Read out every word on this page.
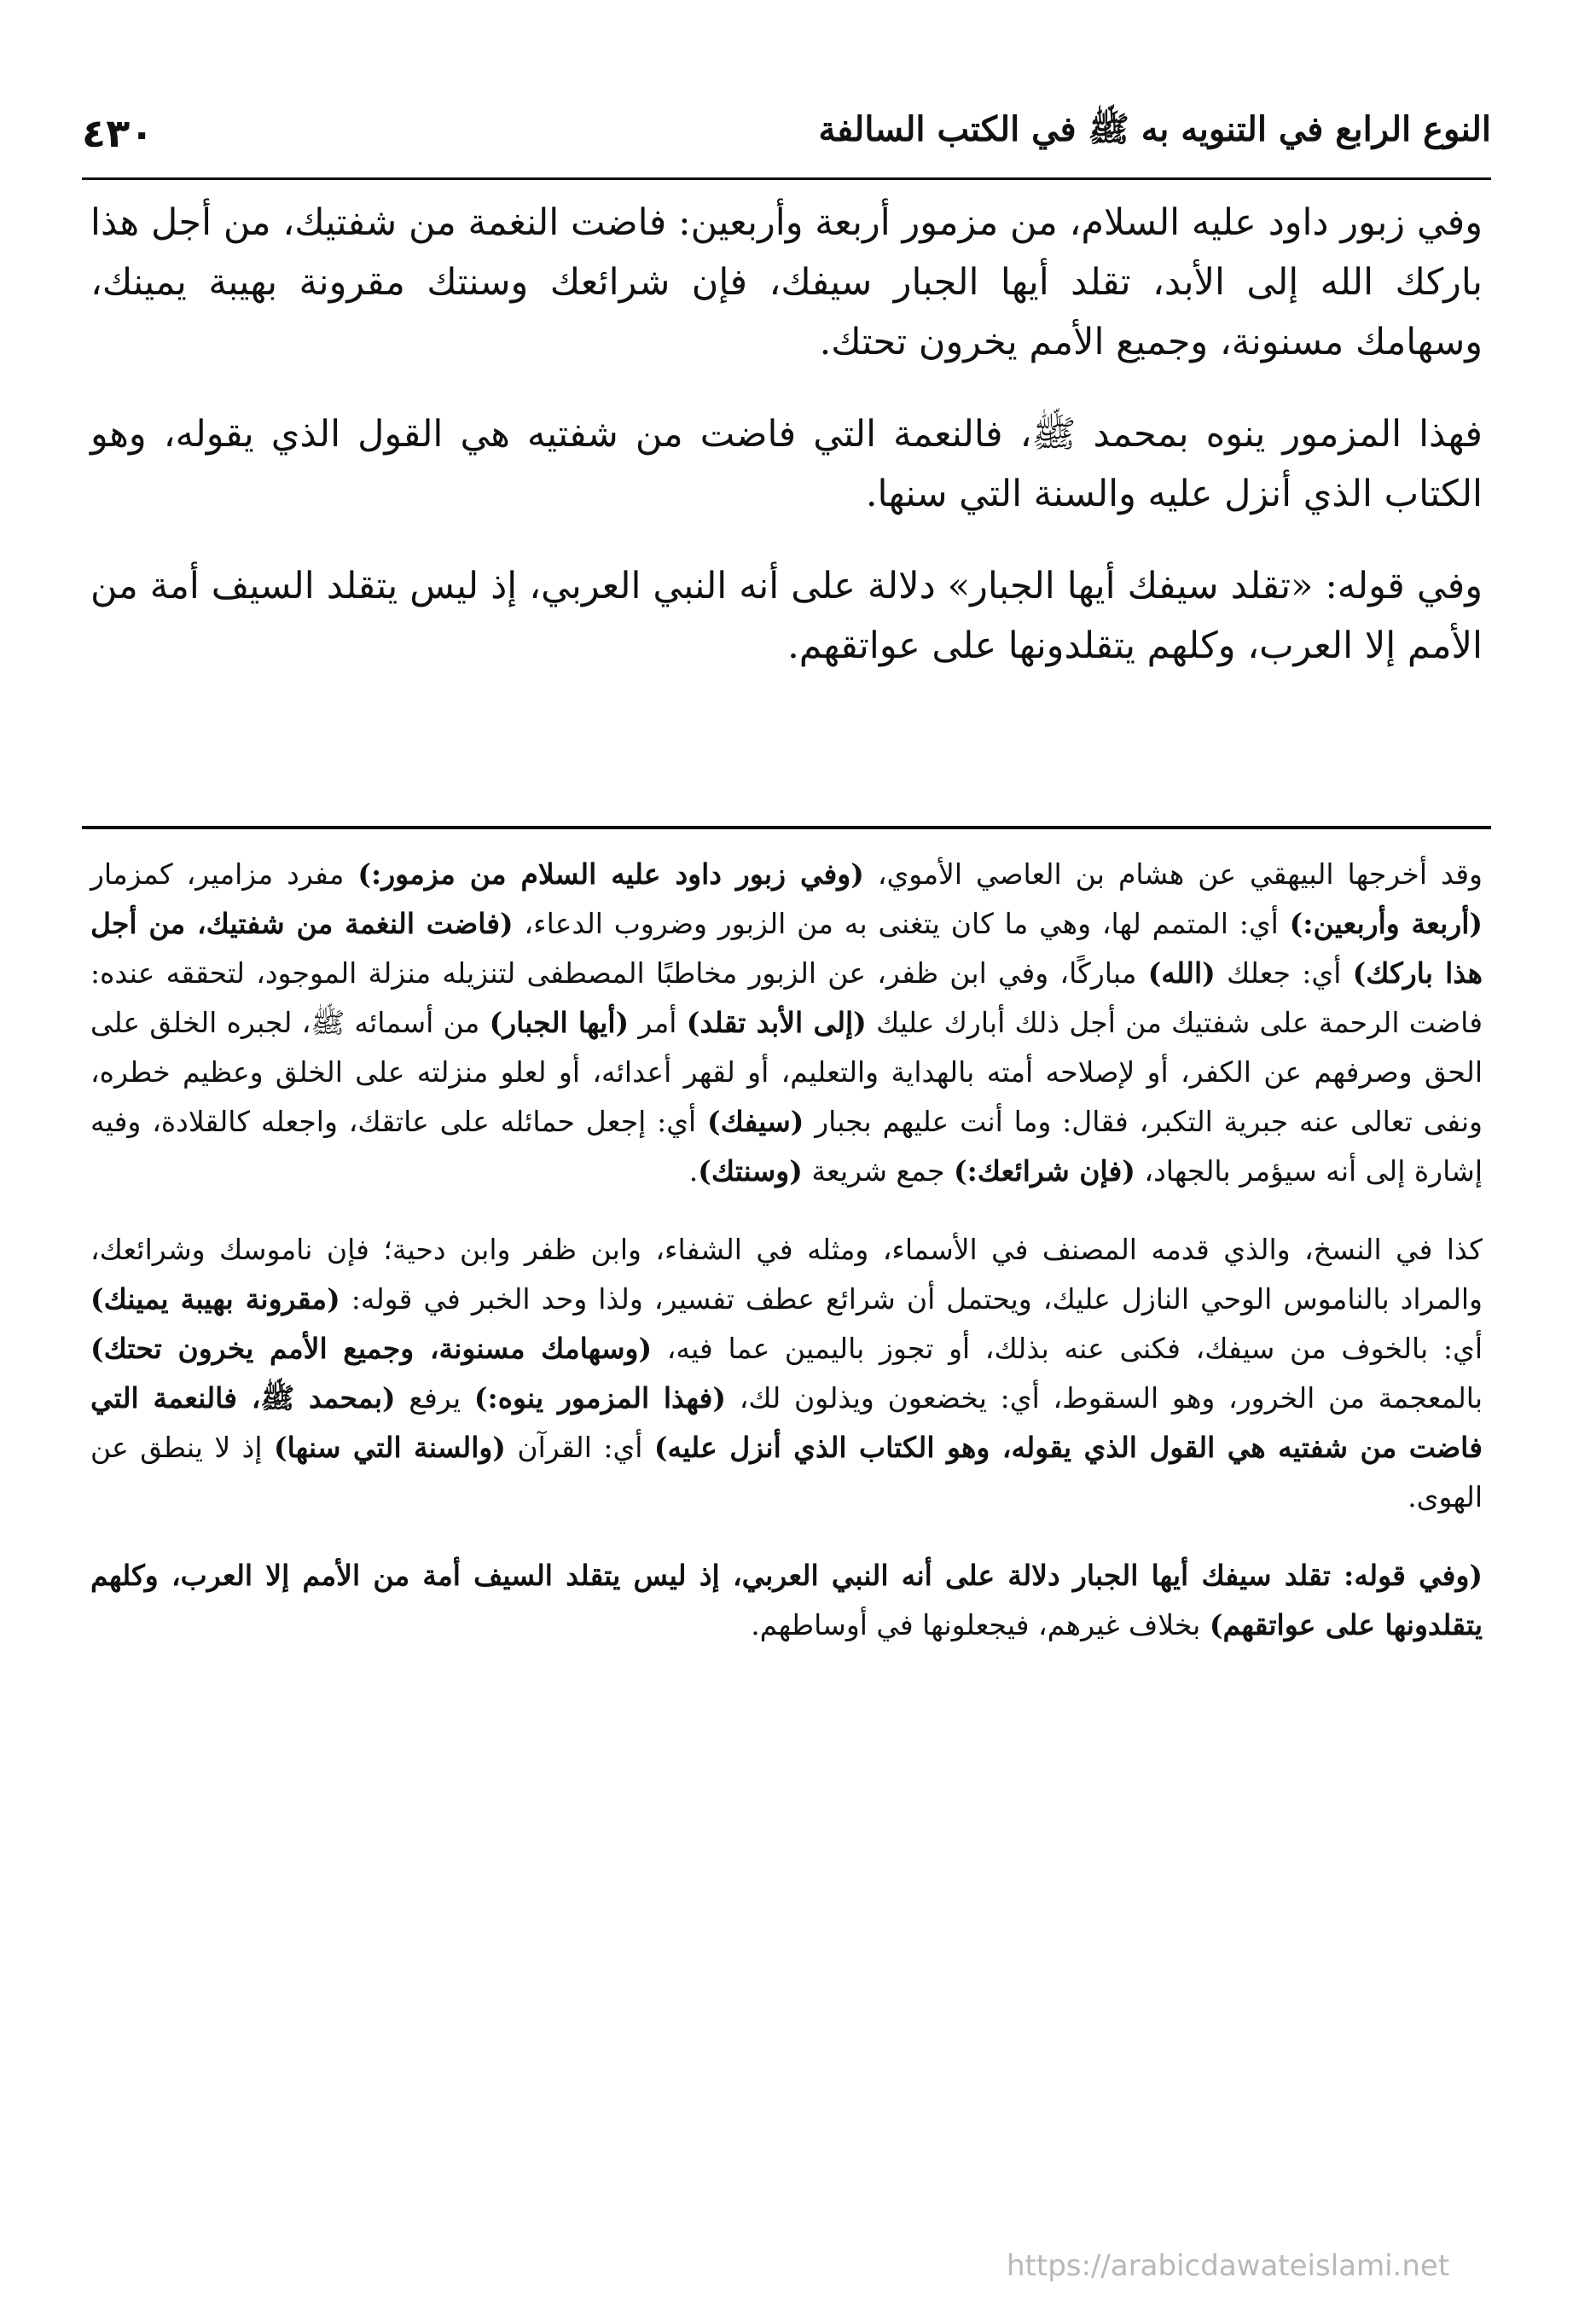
٤٣٠	النوع الرابع في التنويه به ﷺ في الكتب السالفة

وفي زبور داود عليه السلام، من مزمور أربعة وأربعين: فاضت النغمة من شفتيك، من أجل هذا باركك الله إلى الأبد، تقلد أيها الجبار سيفك، فإن شرائعك وسنتك مقرونة بهيبة يمينك، وسهامك مسنونة، وجميع الأمم يخرون تحتك.

فهذا المزمور ينوه بمحمد ﷺ، فالنعمة التي فاضت من شفتيه هي القول الذي يقوله، وهو الكتاب الذي أنزل عليه والسنة التي سنها.

وفي قوله: «تقلد سيفك أيها الجبار» دلالة على أنه النبي العربي، إذ ليس يتقلد السيف أمة من الأمم إلا العرب، وكلهم يتقلدونها على عواتقهم.

وقد أخرجها البيهقي عن هشام بن العاصي الأموي، (وفي زبور داود عليه السلام من مزمور:) مفرد مزامير، كمزمار (أربعة وأربعين:) أي: المتمم لها، وهي ما كان يتغنى به من الزبور وضروب الدعاء، (فاضت النغمة من شفتيك، من أجل هذا باركك) أي: جعلك (الله) مباركًا، وفي ابن ظفر، عن الزبور مخاطبًا المصطفى لتنزيله منزلة الموجود، لتحققه عنده: فاضت الرحمة على شفتيك من أجل ذلك أبارك عليك (إلى الأبد تقلد) أمر (أيها الجبار) من أسمائه ﷺ، لجبره الخلق على الحق وصرفهم عن الكفر، أو لإصلاحه أمته بالهداية والتعليم، أو لقهر أعدائه، أو لعلو منزلته على الخلق وعظيم خطره، ونفى تعالى عنه جبرية التكبر، فقال: وما أنت عليهم بجبار (سيفك) أي: إجعل حمائله على عاتقك، واجعله كالقلادة، وفيه إشارة إلى أنه سيؤمر بالجهاد، (فإن شرائعك:) جمع شريعة (وسنتك).

كذا في النسخ، والذي قدمه المصنف في الأسماء، ومثله في الشفاء، وابن ظفر وابن دحية؛ فإن ناموسك وشرائعك، والمراد بالناموس الوحي النازل عليك، ويحتمل أن شرائع عطف تفسير، ولذا وحد الخبر في قوله: (مقرونة بهيبة يمينك) أي: بالخوف من سيفك، فكنى عنه بذلك، أو تجوز باليمين عما فيه، (وسهامك مسنونة، وجميع الأمم يخرون تحتك) بالمعجمة من الخرور، وهو السقوط، أي: يخضعون ويذلون لك، (فهذا المزمور ينوه:) يرفع (بمحمد ﷺ، فالنعمة التي فاضت من شفتيه هي القول الذي يقوله، وهو الكتاب الذي أنزل عليه) أي: القرآن (والسنة التي سنها) إذ لا ينطق عن الهوى.

(وفي قوله: تقلد سيفك أيها الجبار دلالة على أنه النبي العربي، إذ ليس يتقلد السيف أمة من الأمم إلا العرب، وكلهم يتقلدونها على عواتقهم) بخلاف غيرهم، فيجعلونها في أوساطهم.

https://arabicdawateislami.net
